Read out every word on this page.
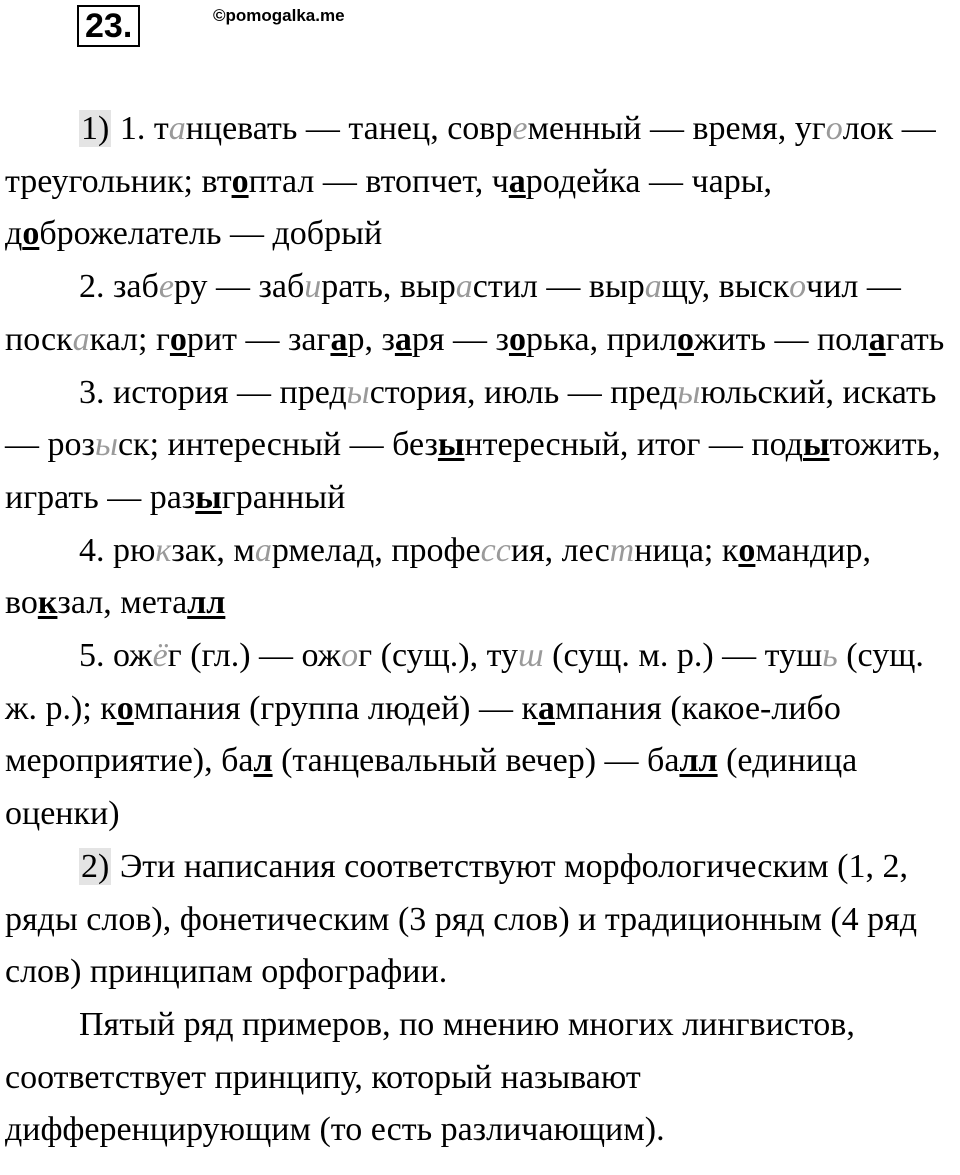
23.	©pomogalka.me

1) 1. танцевать — танец, современный — время, уголок — треугольник; втоптал — втопчет, чародейка — чары, доброжелатель — добрый

2. заберу — забирать, вырастил — выращу, выскочил — поскакал; горит — загар, заря — зорька, приложить — полагать

3. история — предыстория, июль — предыюльский, искать — розыск; интересный — безынтересный, итог — подытожить, играть — разыгранный

4. рюкзак, мармелад, профессия, лестница; командир, вокзал, металл

5. ожёг (гл.) — ожог (сущ.), туш (сущ. м. р.) — тушь (сущ. ж. р.); компания (группа людей) — кампания (какое-либо мероприятие), бал (танцевальный вечер) — балл (единица оценки)

2) Эти написания соответствуют морфологическим (1, 2, ряды слов), фонетическим (3 ряд слов) и традиционным (4 ряд слов) принципам орфографии.

Пятый ряд примеров, по мнению многих лингвистов, соответствует принципу, который называют дифференцирующим (то есть различающим).
